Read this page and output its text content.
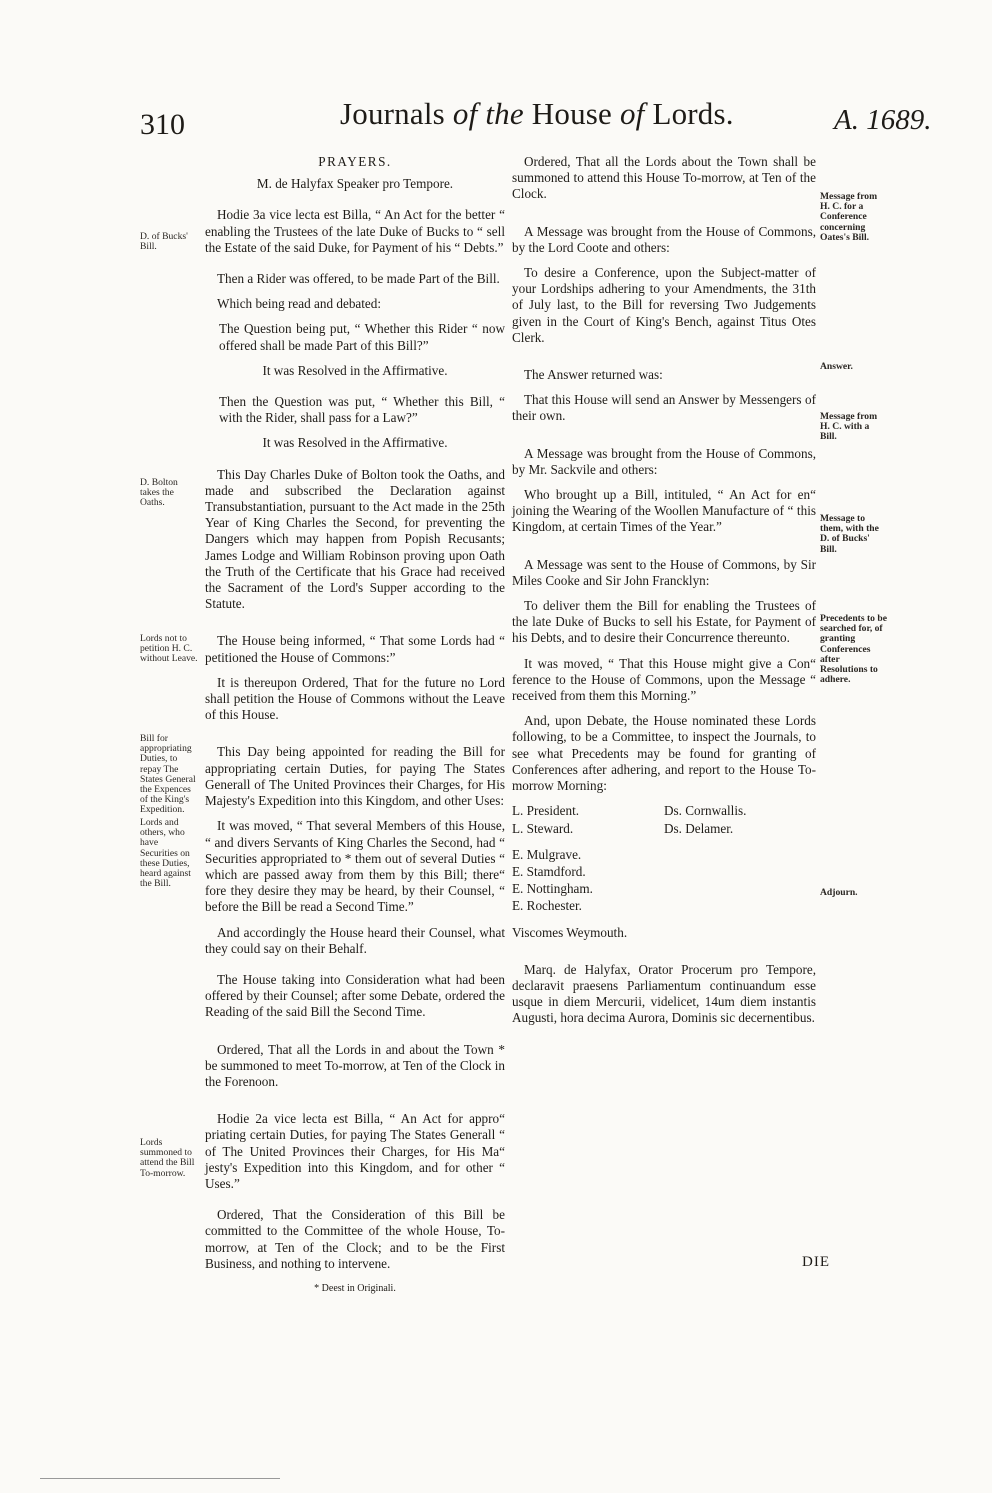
310	Journals of the House of Lords.	A. 1689.
D. of Bucks' Bill.
D. Bolton takes the Oaths.
Lords not to petition H. C. without Leave.
Bill for appropriating Duties, to repay The States General the Expences of the King's Expedition.
Lords and others, who have Securities on these Duties, heard against the Bill.
Lords summoned to attend the Bill To-morrow.
PRAYERS.

M. de Halyfax Speaker pro Tempore.

Hodie 3a vice lecta est Billa, “ An Act for the better “ enabling the Trustees of the late Duke of Bucks to “ sell the Estate of the said Duke, for Payment of his “ Debts.”

Then a Rider was offered, to be made Part of the Bill.

Which being read and debated:

The Question being put, “ Whether this Rider “ now offered shall be made Part of this Bill?”

It was Resolved in the Affirmative.

Then the Question was put, “ Whether this Bill, “ with the Rider, shall pass for a Law?”

It was Resolved in the Affirmative.

This Day Charles Duke of Bolton took the Oaths, and made and subscribed the Declaration against Transubstantiation, pursuant to the Act made in the 25th Year of King Charles the Second, for preventing the Dangers which may happen from Popish Recusants; James Lodge and William Robinson proving upon Oath the Truth of the Certificate that his Grace had received the Sacrament of the Lord's Supper according to the Statute.

The House being informed, “ That some Lords had “ petitioned the House of Commons:”

It is thereupon Ordered, That for the future no Lord shall petition the House of Commons without the Leave of this House.

This Day being appointed for reading the Bill for appropriating certain Duties, for paying The States Generall of The United Provinces their Charges, for His Majesty's Expedition into this Kingdom, and other Uses:

It was moved, “ That several Members of this House, “ and divers Servants of King Charles the Second, had “ Securities appropriated to * them out of several Duties “ which are passed away from them by this Bill; there“ fore they desire they may be heard, by their Counsel, “ before the Bill be read a Second Time.”

And accordingly the House heard their Counsel, what they could say on their Behalf.

The House taking into Consideration what had been offered by their Counsel; after some Debate, ordered the Reading of the said Bill the Second Time.

Ordered, That all the Lords in and about the Town * be summoned to meet To-morrow, at Ten of the Clock in the Forenoon.

Hodie 2a vice lecta est Billa, “ An Act for appro“ priating certain Duties, for paying The States Generall “ of The United Provinces their Charges, for His Ma“ jesty's Expedition into this Kingdom, and for other “ Uses.”

Ordered, That the Consideration of this Bill be committed to the Committee of the whole House, To-morrow, at Ten of the Clock; and to be the First Business, and nothing to intervene.

* Deest in Originali.

Ordered, That all the Lords about the Town shall be summoned to attend this House To-morrow, at Ten of the Clock.

A Message was brought from the House of Commons, by the Lord Coote and others:

To desire a Conference, upon the Subject-matter of your Lordships adhering to your Amendments, the 31th of July last, to the Bill for reversing Two Judgements given in the Court of King's Bench, against Titus Otes Clerk.

The Answer returned was:

That this House will send an Answer by Messengers of their own.

A Message was brought from the House of Commons, by Mr. Sackvile and others:

Who brought up a Bill, intituled, “ An Act for en“ joining the Wearing of the Woollen Manufacture of “ this Kingdom, at certain Times of the Year.”

A Message was sent to the House of Commons, by Sir Miles Cooke and Sir John Francklyn:

To deliver them the Bill for enabling the Trustees of the late Duke of Bucks to sell his Estate, for Payment of his Debts, and to desire their Concurrence thereunto.

It was moved, “ That this House might give a Con“ ference to the House of Commons, upon the Message “ received from them this Morning.”

And, upon Debate, the House nominated these Lords following, to be a Committee, to inspect the Journals, to see what Precedents may be found for granting of Conferences after adhering, and report to the House To-morrow Morning:

L. President.
L. Steward.
E. Mulgrave.
E. Stamdford.
E. Nottingham.
E. Rochester.
Viscomes Weymouth.
Ds. Cornwallis.
Ds. Delamer.

Marq. de Halyfax, Orator Procerum pro Tempore, declaravit praesens Parliamentum continuandum esse usque in diem Mercurii, videlicet, 14um diem instantis Augusti, hora decima Aurora, Dominis sic decernentibus.

Message from H. C. for a Conference concerning Oates's Bill.
Answer.
Message from H. C. with a Bill.
Message to them, with the D. of Bucks' Bill.
Precedents to be searched for, of granting Conferences after Resolutions to adhere.
Adjourn.
DIE
